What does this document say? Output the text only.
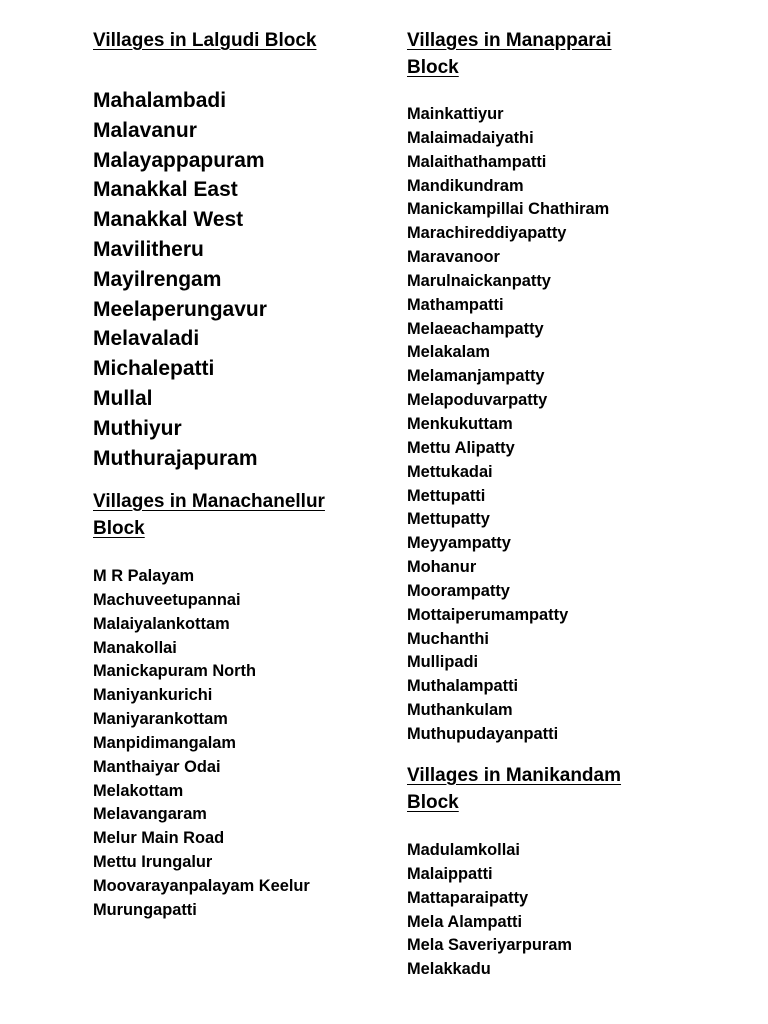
Villages in Lalgudi Block
Mahalambadi
Malavanur
Malayappapuram
Manakkal East
Manakkal West
Mavilitheru
Mayilrengam
Meelaperungavur
Melavaladi
Michalepatti
Mullal
Muthiyur
Muthurajapuram
Villages in Manachanellur Block
M R Palayam
Machuveetupannai
Malaiyalankottam
Manakollai
Manickapuram North
Maniyankurichi
Maniyarankottam
Manpidimangalam
Manthaiyar Odai
Melakottam
Melavangaram
Melur Main Road
Mettu Irungalur
Moovarayanpalayam Keelur
Murungapatti
Villages in Manapparai Block
Mainkattiyur
Malaimadaiyathi
Malaithathampatti
Mandikundram
Manickampillai Chathiram
Marachireddiyapatty
Maravanoor
Marulnaickanpatty
Mathampatti
Melaeachampatty
Melakalam
Melamanjampatty
Melapoduvarpatty
Menkukuttam
Mettu Alipatty
Mettukadai
Mettupatti
Mettupatty
Meyyampatty
Mohanur
Moorampatty
Mottaiperumampatty
Muchanthi
Mullipadi
Muthalampatti
Muthankulam
Muthupudayanpatti
Villages in Manikandam Block
Madulamkollai
Malaippatti
Mattaparaipatty
Mela Alampatti
Mela Saveriyarpuram
Melakkadu
